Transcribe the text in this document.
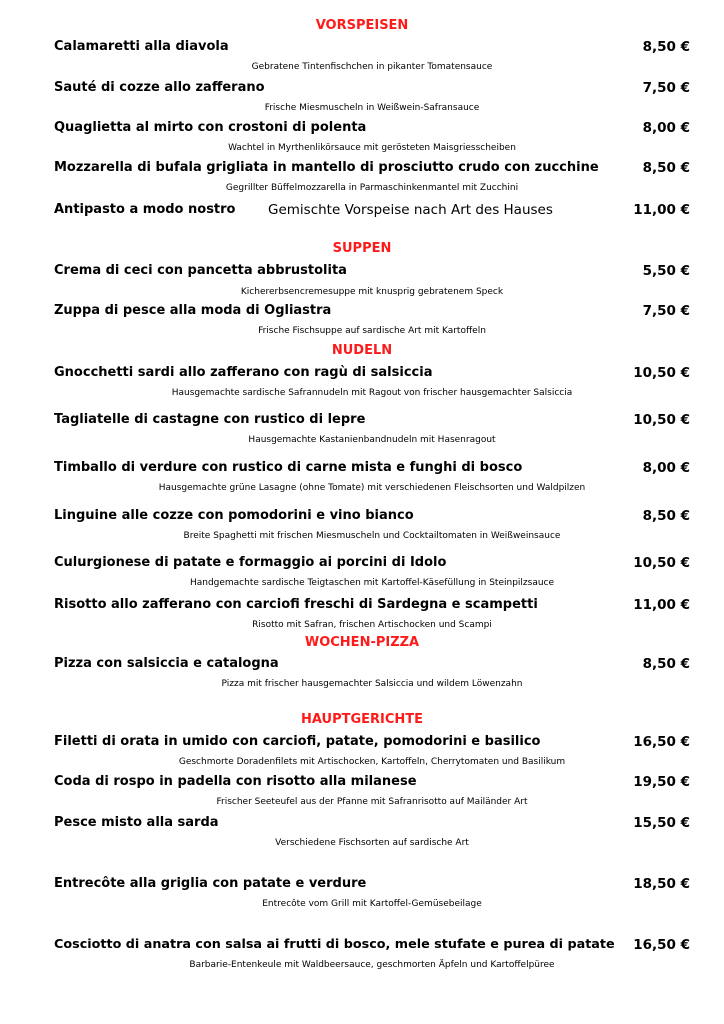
VORSPEISEN
SUPPEN
NUDELN
WOCHEN-PIZZA
HAUPTGERICHTE
Calamaretti alla diavola	8,50 €
Gebratene Tintenfischchen in pikanter Tomatensauce
Sauté di cozze allo zafferano	7,50 €
Frische Miesmuscheln in Weißwein-Safransauce
Quaglietta al mirto con crostoni di polenta	8,00 €
Wachtel in Myrthenlikörsauce mit gerösteten Maisgriesscheiben
Mozzarella di bufala grigliata in mantello di prosciutto crudo con zucchine	8,50 €
Gegrillter Büffelmozzarella in Parmaschinkenmantel mit Zucchini
Antipasto a modo nostro Gemischte Vorspeise nach Art des Hauses	11,00 €
Crema di ceci con pancetta abbrustolita	5,50 €
Kichererbsencremesuppe mit knusprig gebratenem Speck
Zuppa di pesce alla moda di Ogliastra	7,50 €
Frische Fischsuppe auf sardische Art mit Kartoffeln
Gnocchetti sardi allo zafferano con ragù di salsiccia	10,50 €
Hausgemachte sardische Safrannudeln mit Ragout von frischer hausgemachter Salsiccia
Tagliatelle di castagne con rustico di lepre	10,50 €
Hausgemachte Kastanienbandnudeln mit Hasenragout
Timballo di verdure con rustico di carne mista e funghi di bosco	8,00 €
Hausgemachte grüne Lasagne (ohne Tomate) mit verschiedenen Fleischsorten und Waldpilzen
Linguine alle cozze con pomodorini e vino bianco	8,50 €
Breite Spaghetti mit frischen Miesmuscheln und Cocktailtomaten in Weißweinsauce
Culurgionese di patate e formaggio ai porcini di Idolo	10,50 €
Handgemachte sardische Teigtaschen mit Kartoffel-Käsefüllung in Steinpilzsauce
Risotto allo zafferano con carciofi freschi di Sardegna e scampetti	11,00 €
Risotto mit Safran, frischen Artischocken und Scampi
Pizza con salsiccia e catalogna	8,50 €
Pizza mit frischer hausgemachter Salsiccia und wildem Löwenzahn
Filetti di orata in umido con carciofi, patate, pomodorini e basilico	16,50 €
Geschmorte Doradenfilets mit Artischocken, Kartoffeln, Cherrytomaten und Basilikum
Coda di rospo in padella con risotto alla milanese	19,50 €
Frischer Seeteufel aus der Pfanne mit Safranrisotto auf Mailänder Art
Pesce misto alla sarda	15,50 €
Verschiedene Fischsorten auf sardische Art
Entrecôte alla griglia con patate e verdure	18,50 €
Entrecôte vom Grill mit Kartoffel-Gemüsebeilage
Cosciotto di anatra con salsa ai frutti di bosco, mele stufate e purea di patate 16,50 €
Barbarie-Entenkeule mit Waldbeersauce, geschmorten Äpfeln und Kartoffelpüree
